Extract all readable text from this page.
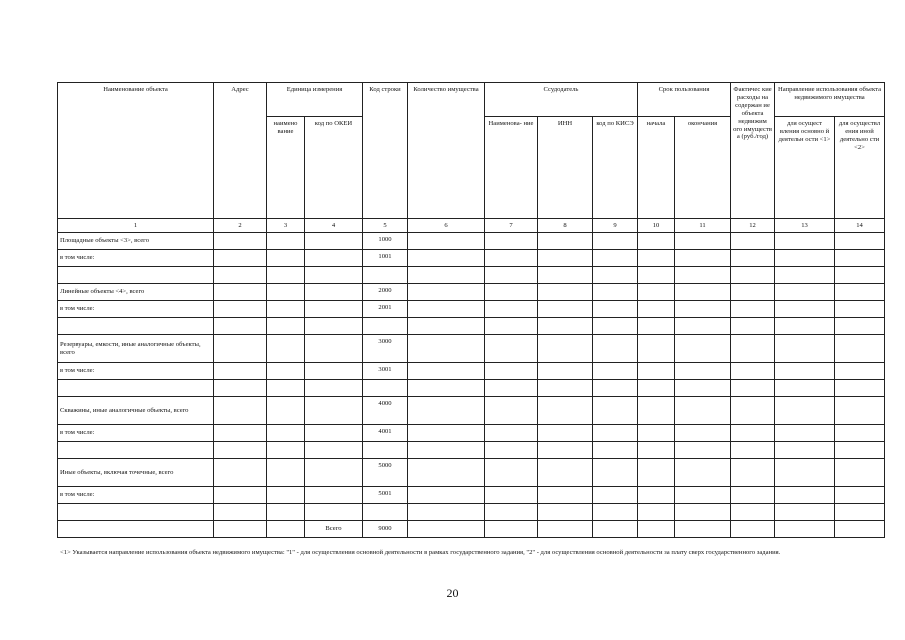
Наименование объекта	Адрес	Единица измерения		Код строки	Количество имущества	Ссудодатель			Срок пользования		Фактичес кие расходы на содержан ие объекта недвижим ого имуществ а (руб./год)	Направление использования объекта недвижимого имущества	
		наимено вание	код по ОКЕИ			Наименова- ние	ИНН	код по КИСЭ	начала	окончания		для осущест вления основно й деятельн ости <1>	для осуществл ения иной деятельно сти <2>
1	2	3	4	5	6	7	8	9	10	11	12	13	14
Площадные объекты <3>, всего				1000									
в том числе:				1001									

Линейные объекты <4>, всего				2000									
в том числе:				2001									

Резервуары, емкости, иные аналогичные объекты, всего				3000									
в том числе:				3001									

Скважины, иные аналогичные объекты, всего				4000									
в том числе:				4001									

Иные объекты, включая точечные, всего				5000									
в том числе:				5001									

			Всего	9000									
<1> Указывается направление использования объекта недвижимого имущества: "1" - для осуществления основной деятельности в рамках государственного задания, "2" - для осуществления основной деятельности за плату сверх государственного задания.
20
